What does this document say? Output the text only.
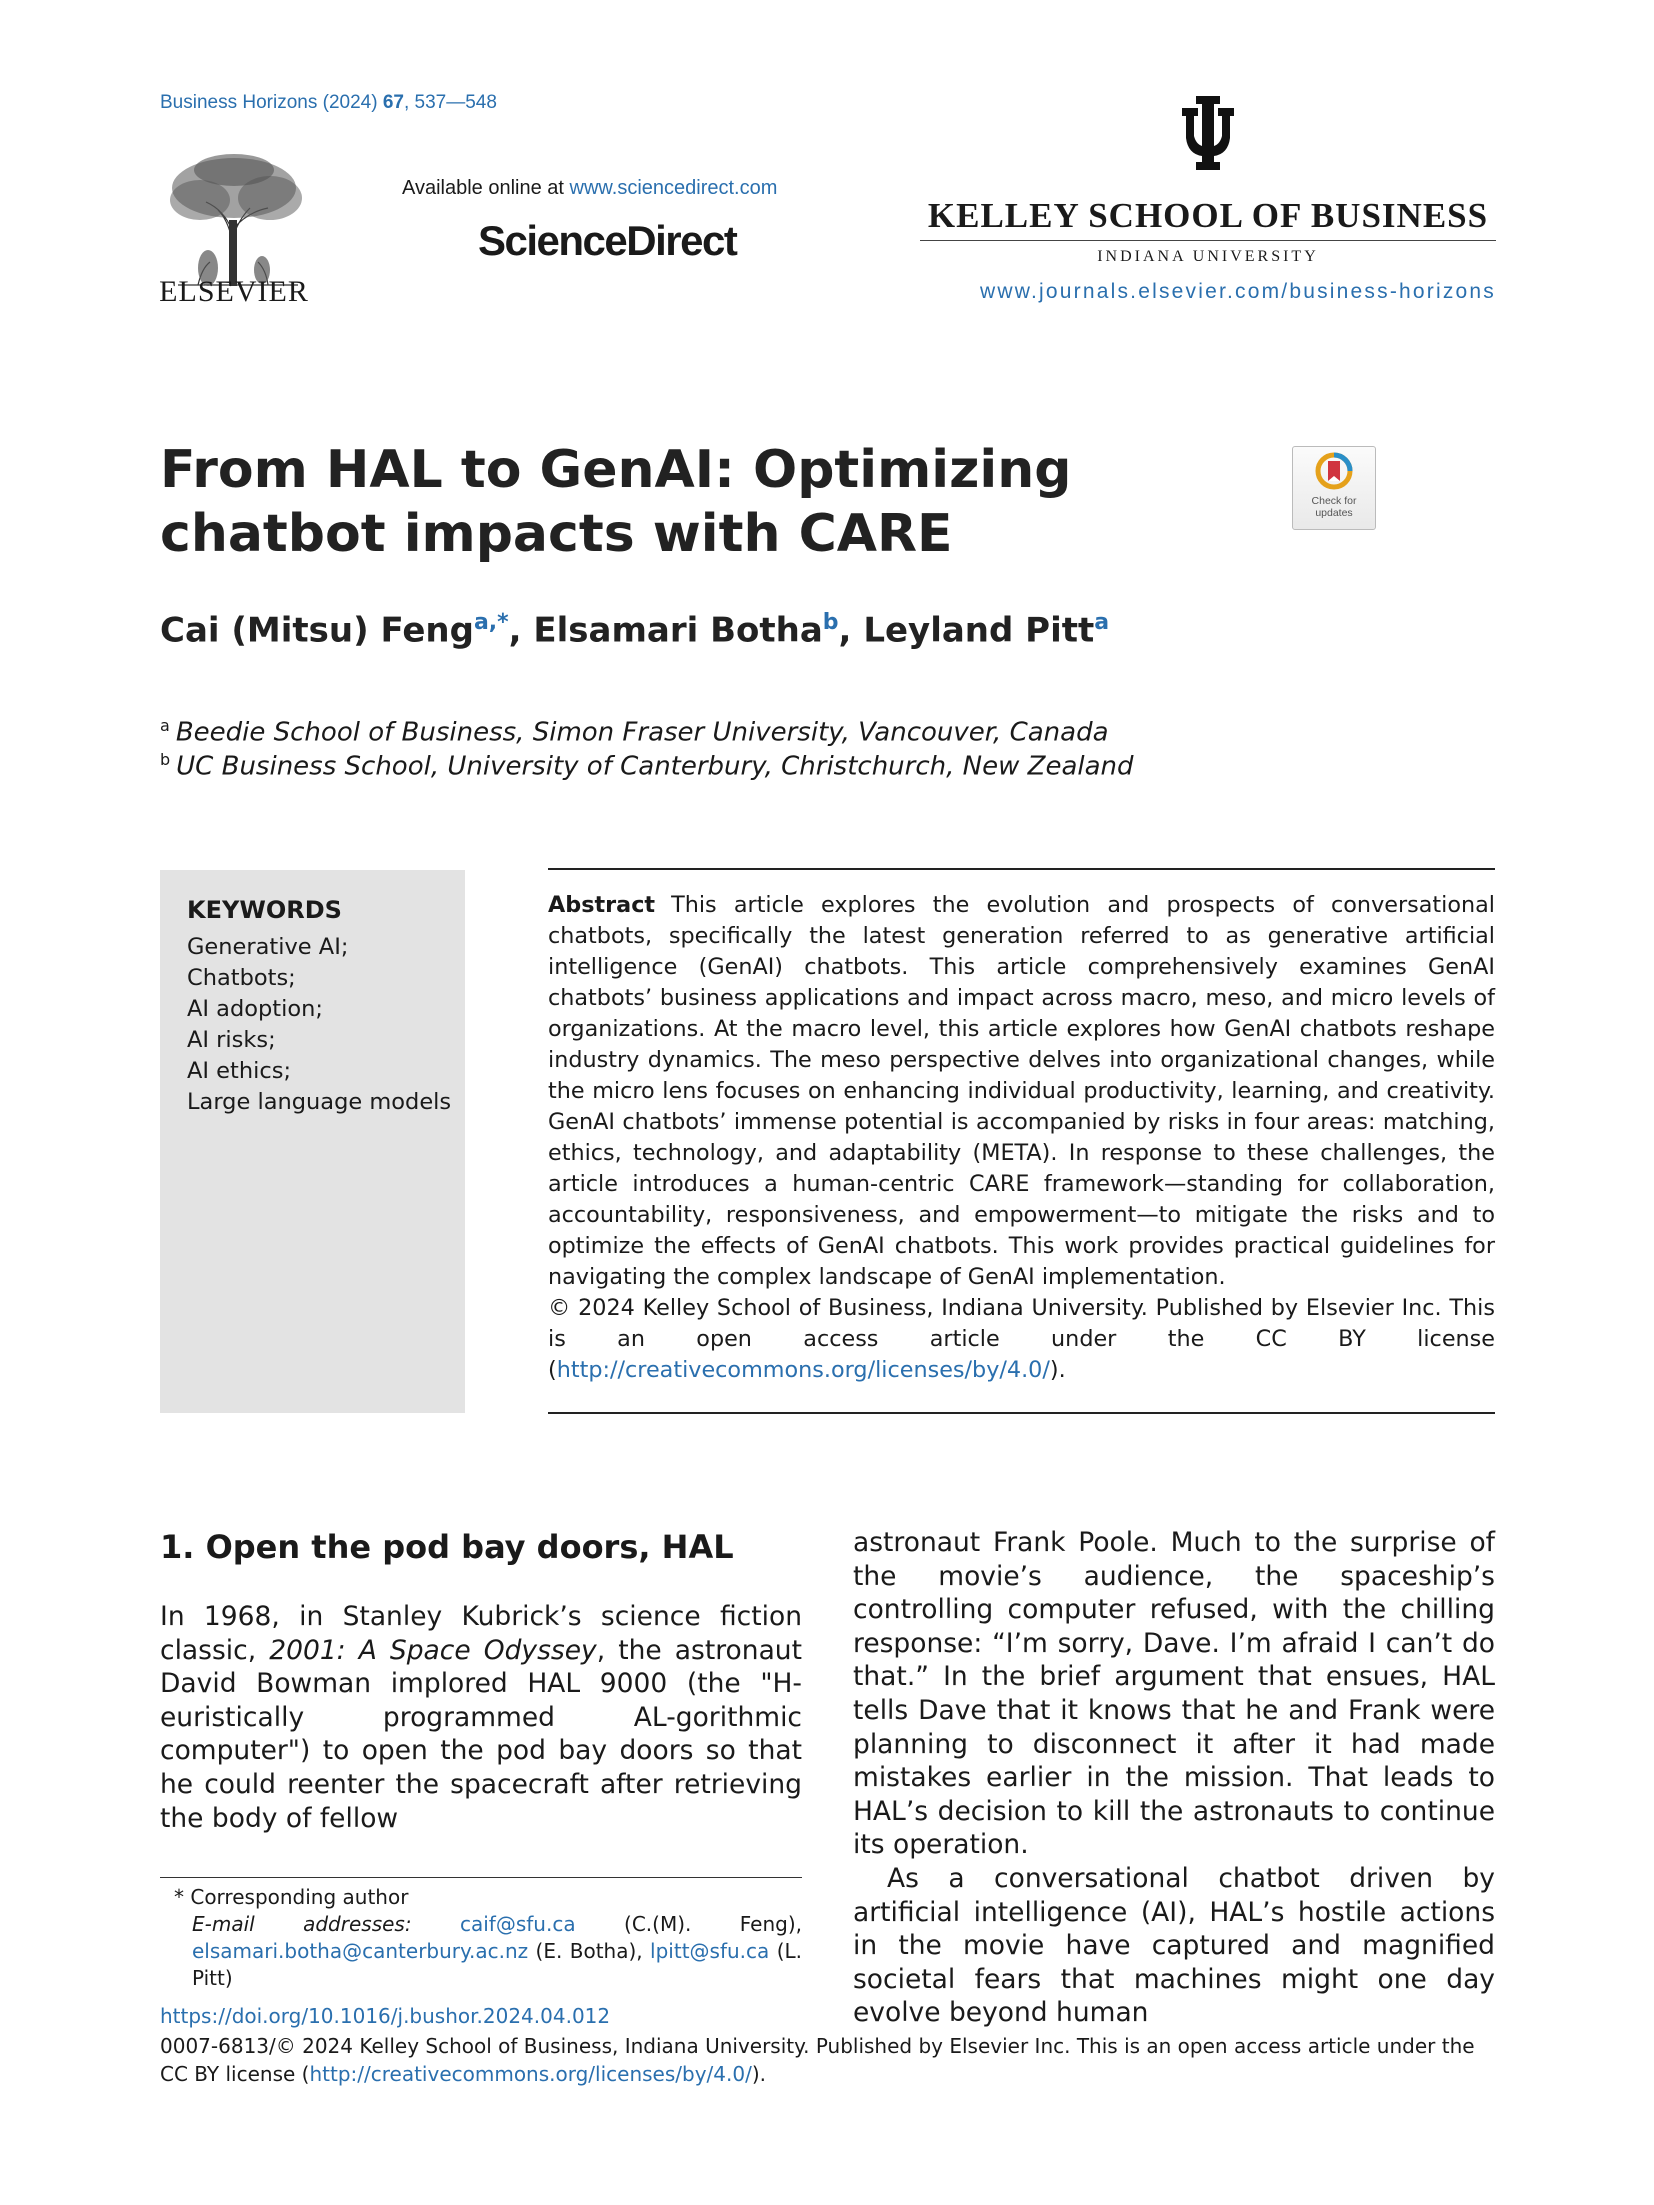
Business Horizons (2024) 67, 537—548
ELSEVIER
Available online at www.sciencedirect.com
ScienceDirect
KELLEY SCHOOL OF BUSINESS
INDIANA UNIVERSITY
www.journals.elsevier.com/business-horizons
From HAL to GenAI: Optimizing chatbot impacts with CARE
Check for
updates
Cai (Mitsu) Feng$^{a,*}$, Elsamari Botha$^b$, Leyland Pitt$^a$
$^a$ Beedie School of Business, Simon Fraser University, Vancouver, Canada
$^b$ UC Business School, University of Canterbury, Christchurch, New Zealand
KEYWORDS
Generative AI;
Chatbots;
AI adoption;
AI risks;
AI ethics;
Large language models
Abstract This article explores the evolution and prospects of conversational chatbots, specifically the latest generation referred to as generative artificial intelligence (GenAI) chatbots. This article comprehensively examines GenAI chatbots’ business applications and impact across macro, meso, and micro levels of organizations. At the macro level, this article explores how GenAI chatbots reshape industry dynamics. The meso perspective delves into organizational changes, while the micro lens focuses on enhancing individual productivity, learning, and creativity. GenAI chatbots’ immense potential is accompanied by risks in four areas: matching, ethics, technology, and adaptability (META). In response to these challenges, the article introduces a human-centric CARE framework—standing for collaboration, accountability, responsiveness, and empowerment—to mitigate the risks and to optimize the effects of GenAI chatbots. This work provides practical guidelines for navigating the complex landscape of GenAI implementation.
© 2024 Kelley School of Business, Indiana University. Published by Elsevier Inc. This is an open access article under the CC BY license (http://creativecommons.org/licenses/by/4.0/).
1. Open the pod bay doors, HAL
In 1968, in Stanley Kubrick’s science fiction classic, 2001: A Space Odyssey, the astronaut David Bowman implored HAL 9000 (the "H-euristically programmed AL-gorithmic computer") to open the pod bay doors so that he could reenter the spacecraft after retrieving the body of fellow

astronaut Frank Poole. Much to the surprise of the movie’s audience, the spaceship’s controlling computer refused, with the chilling response: “I’m sorry, Dave. I’m afraid I can’t do that.” In the brief argument that ensues, HAL tells Dave that it knows that he and Frank were planning to disconnect it after it had made mistakes earlier in the mission. That leads to HAL’s decision to kill the astronauts to continue its operation.

As a conversational chatbot driven by artificial intelligence (AI), HAL’s hostile actions in the movie have captured and magnified societal fears that machines might one day evolve beyond human

* Corresponding author
E-mail addresses: caif@sfu.ca (C.(M). Feng), elsamari.botha@canterbury.ac.nz (E. Botha), lpitt@sfu.ca (L. Pitt)
https://doi.org/10.1016/j.bushor.2024.04.012
0007-6813/© 2024 Kelley School of Business, Indiana University. Published by Elsevier Inc. This is an open access article under the CC BY license (http://creativecommons.org/licenses/by/4.0/).
